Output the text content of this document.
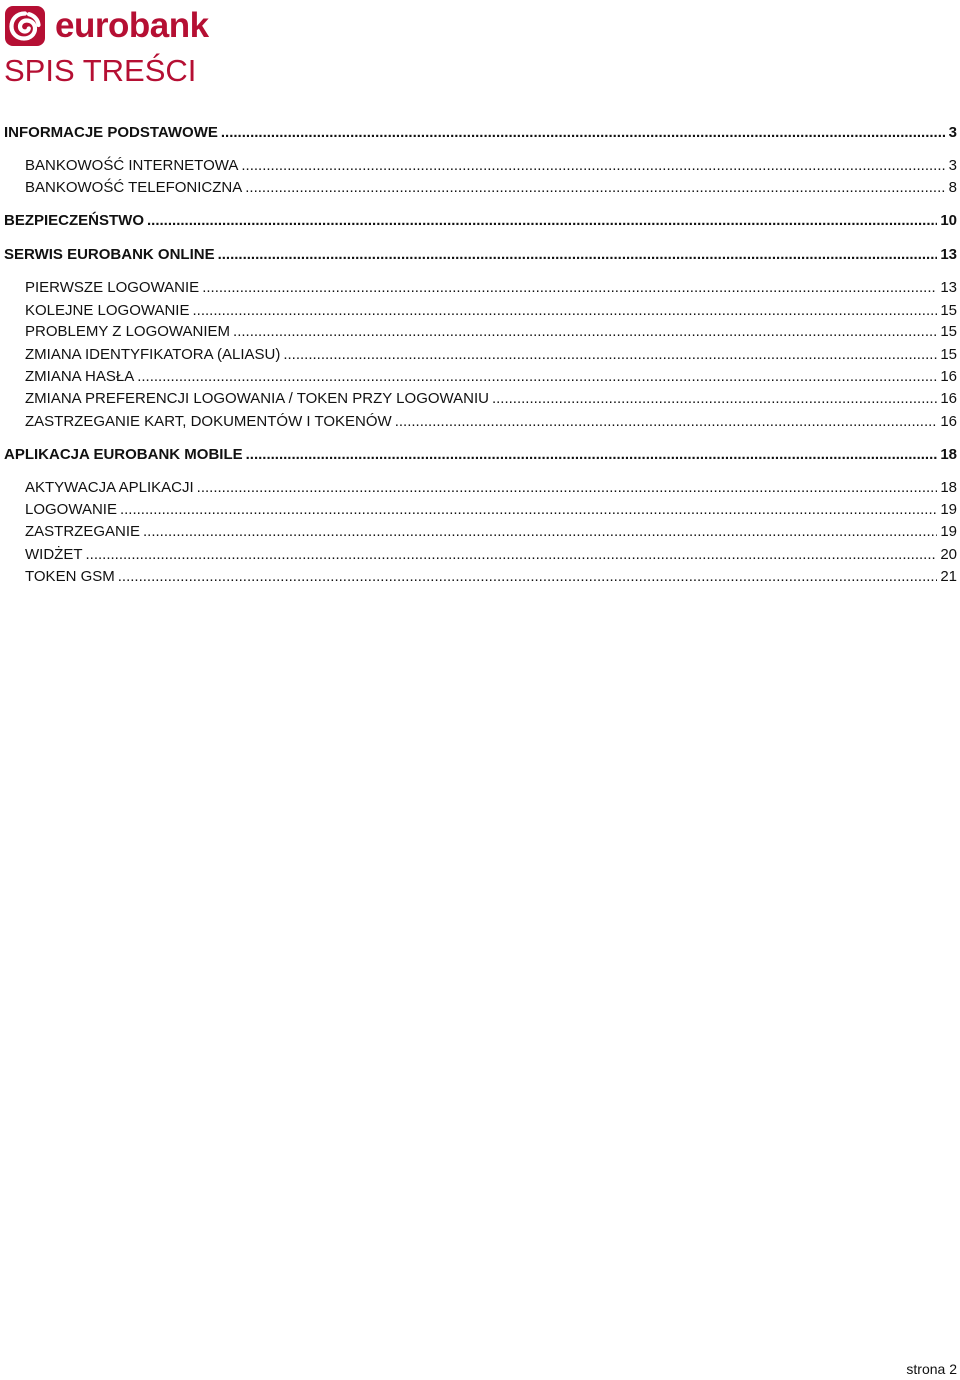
eurobank
SPIS TREŚCI
INFORMACJE PODSTAWOWE .....	3
BANKOWOŚĆ INTERNETOWA .....	3
BANKOWOŚĆ TELEFONICZNA .....	8
BEZPIECZEŃSTWO .....	10
SERWIS EUROBANK ONLINE .....	13
PIERWSZE LOGOWANIE .....	13
KOLEJNE LOGOWANIE .....	15
PROBLEMY Z LOGOWANIEM .....	15
ZMIANA IDENTYFIKATORA (ALIASU) .....	15
ZMIANA HASŁA .....	16
ZMIANA PREFERENCJI LOGOWANIA / TOKEN PRZY LOGOWANIU .....	16
ZASTRZEGANIE KART, DOKUMENTÓW I TOKENÓW .....	16
APLIKACJA EUROBANK MOBILE .....	18
AKTYWACJA APLIKACJI .....	18
LOGOWANIE .....	19
ZASTRZEGANIE .....	19
WIDŻET .....	20
TOKEN GSM .....	21
strona 2
